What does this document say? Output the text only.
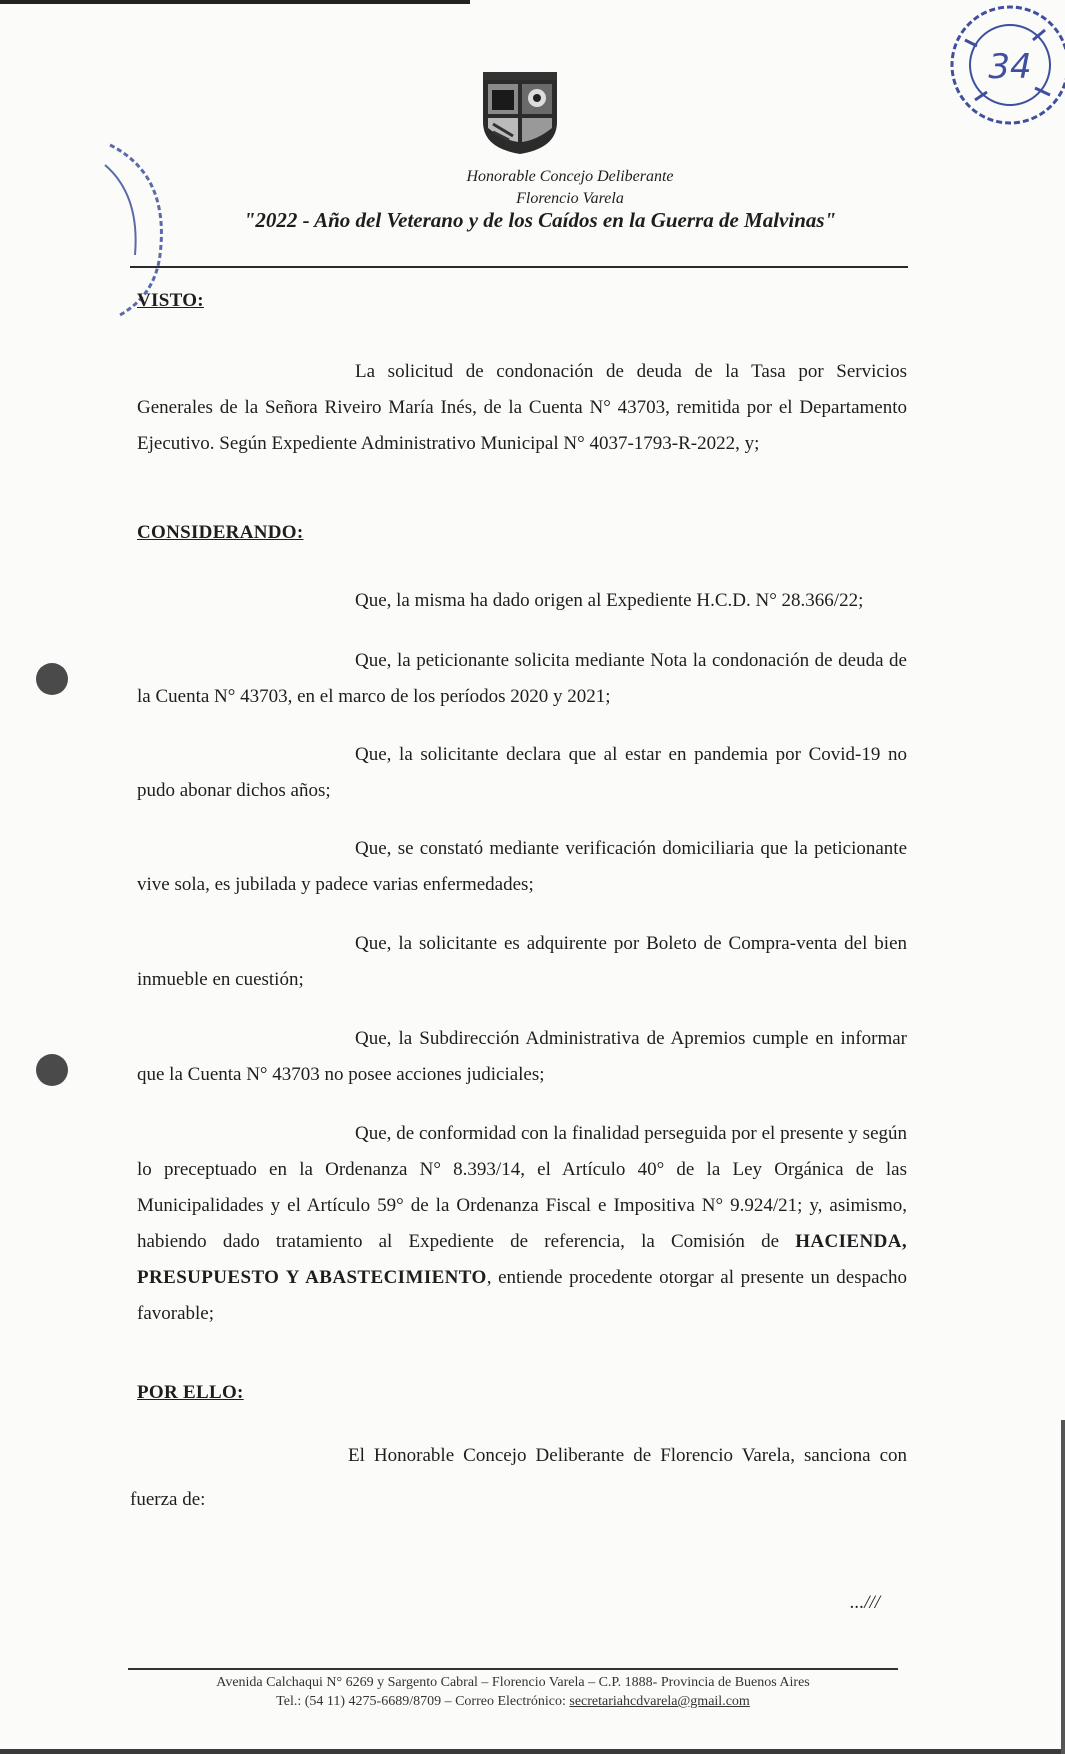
Honorable Concejo Deliberante
Florencio Varela
"2022 - Año del Veterano y de los Caídos en la Guerra de Malvinas"
34
VISTO:
La solicitud de condonación de deuda de la Tasa por Servicios Generales de la Señora Riveiro María Inés, de la Cuenta N° 43703, remitida por el Departamento Ejecutivo. Según Expediente Administrativo Municipal N° 4037-1793-R-2022, y;
CONSIDERANDO:
Que, la misma ha dado origen al Expediente H.C.D. N° 28.366/22;
Que, la peticionante solicita mediante Nota la condonación de deuda de la Cuenta N° 43703, en el marco de los períodos 2020 y 2021;
Que, la solicitante declara que al estar en pandemia por Covid-19 no pudo abonar dichos años;
Que, se constató mediante verificación domiciliaria que la peticionante vive sola, es jubilada y padece varias enfermedades;
Que, la solicitante es adquirente por Boleto de Compra-venta del bien inmueble en cuestión;
Que, la Subdirección Administrativa de Apremios cumple en informar que la Cuenta N° 43703 no posee acciones judiciales;
Que, de conformidad con la finalidad perseguida por el presente y según lo preceptuado en la Ordenanza N° 8.393/14, el Artículo 40° de la Ley Orgánica de las Municipalidades y el Artículo 59° de la Ordenanza Fiscal e Impositiva N° 9.924/21; y, asimismo, habiendo dado tratamiento al Expediente de referencia, la Comisión de HACIENDA, PRESUPUESTO Y ABASTECIMIENTO, entiende procedente otorgar al presente un despacho favorable;
POR ELLO:
El Honorable Concejo Deliberante de Florencio Varela, sanciona con fuerza de:
...///
Avenida Calchaqui N° 6269 y Sargento Cabral – Florencio Varela – C.P. 1888- Provincia de Buenos Aires
Tel.: (54 11) 4275-6689/8709 – Correo Electrónico: secretariahcdvarela@gmail.com
